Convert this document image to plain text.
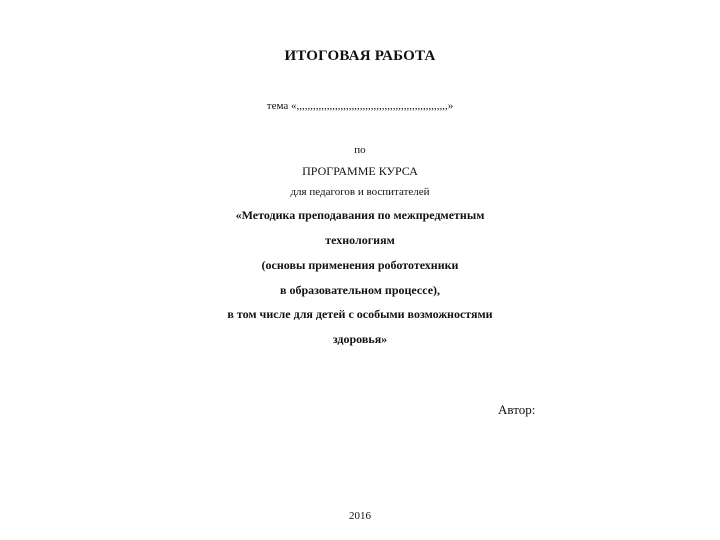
ИТОГОВАЯ РАБОТА
тема «,,,,,,,,,,,,,,,,,,,,,,,,,,,,,,,,,,,,,,,,,,,,,,,,,,,,,,,»
по
ПРОГРАММЕ КУРСА
для педагогов и воспитателей
«Методика преподавания по межпредметным
технологиям
(основы применения робототехники
в образовательном процессе),
в том числе для детей с особыми возможностями
здоровья»
Автор:
2016
